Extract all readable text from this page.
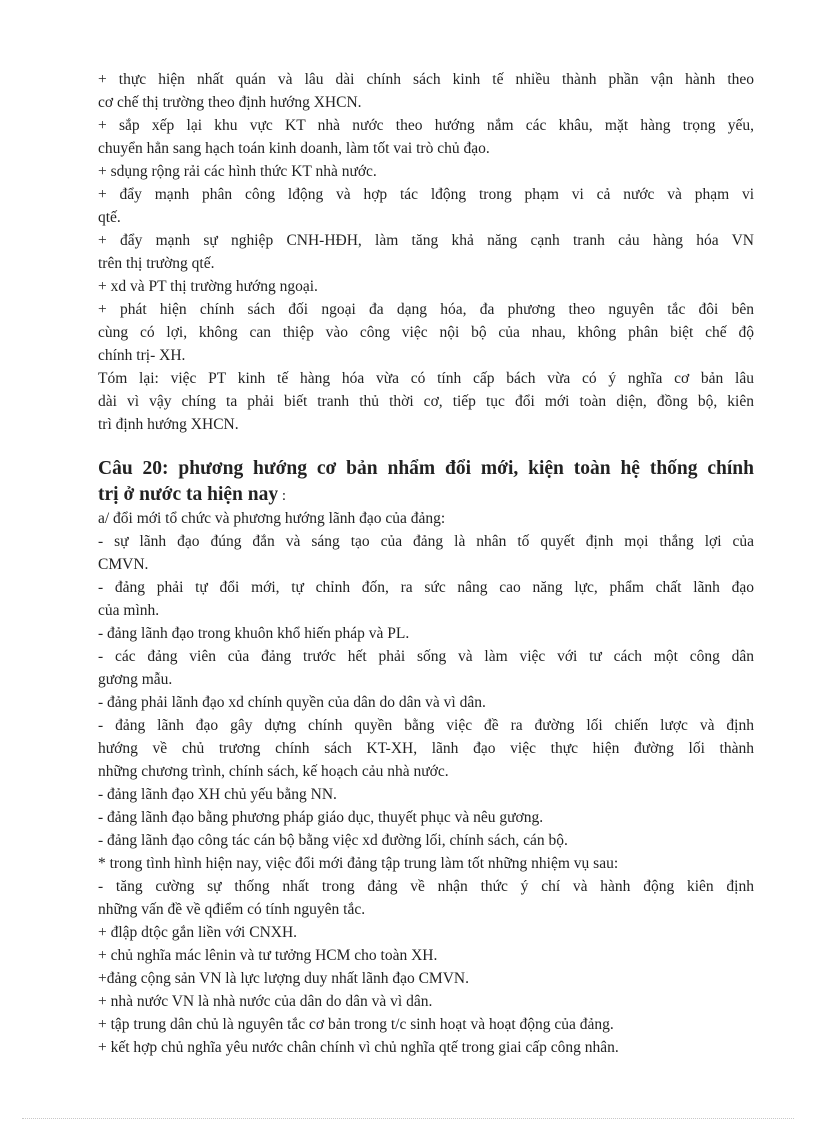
+ thực hiện nhất quán và lâu dài chính sách kinh tế nhiều thành phần vận hành theo
cơ chế thị trường theo định hướng XHCN.
+ sắp xếp lại khu vực KT nhà nước theo hướng nắm các khâu, mặt hàng trọng yếu,
chuyển hẳn sang hạch toán kinh doanh, làm tốt vai trò chủ đạo.
+ sdụng rộng rải các hình thức KT nhà nước.
+ đẩy mạnh phân công lđộng và hợp tác lđộng trong phạm vi cả nước và phạm vi
qtế.
+ đẩy mạnh sự nghiệp CNH-HĐH, làm tăng khả năng cạnh tranh cảu hàng hóa VN
trên thị trường qtế.
+ xd và PT thị trường hướng ngoại.
+ phát hiện chính sách đối ngoại đa dạng hóa, đa phương theo nguyên tắc đôi bên
cùng có lợi, không can thiệp vào công việc nội bộ của nhau, không phân biệt chế độ
chính trị- XH.
Tóm lại: việc PT kinh tế hàng hóa vừa có tính cấp bách vừa có ý nghĩa cơ bản lâu
dài vì vậy chíng ta phải biết tranh thủ thời cơ, tiếp tục đổi mới toàn diện, đồng bộ, kiên
trì định hướng XHCN.
Câu 20: phương hướng cơ bản nhẩm đổi mới, kiện toàn hệ thống chính
trị ở nước ta hiện nay :
a/ đổi mới tổ chức và phương hướng lãnh đạo của đảng:
- sự lãnh đạo đúng đắn và sáng tạo của đảng là nhân tố quyết định mọi thắng lợi của
CMVN.
- đảng phải tự đổi mới, tự chỉnh đốn, ra sức nâng cao năng lực, phẩm chất lãnh đạo
của mình.
- đảng lãnh đạo trong khuôn khổ hiến pháp và PL.
- các đảng viên của đảng trước hết phải sống và làm việc với tư cách một công dân
gương mẫu.
- đảng phải lãnh đạo xd chính quyền của dân do dân và vì dân.
- đảng lãnh đạo gây dựng chính quyền bằng việc đề ra đường lối chiến lược và định
hướng về chủ trương chính sách KT-XH, lãnh đạo việc thực hiện đường lối thành
những chương trình, chính sách, kế hoạch cảu nhà nước.
- đảng lãnh đạo XH chủ yếu bằng NN.
- đảng lãnh đạo bằng phương pháp giáo dục, thuyết phục và nêu gương.
- đảng lãnh đạo công tác cán bộ bằng việc xd đường lối, chính sách, cán bộ.
* trong tình hình hiện nay, việc đổi mới đảng tập trung làm tốt những nhiệm vụ sau:
- tăng cường sự thống nhất trong đảng về nhận thức ý chí và hành động kiên định
những vấn đề về qđiểm có tính nguyên tắc.
+ đlập dtộc gắn liền với CNXH.
+ chủ nghĩa mác lênin và tư tưởng HCM cho toàn XH.
+đảng cộng sản VN là lực lượng duy nhất lãnh đạo CMVN.
+ nhà nước VN là nhà nước của dân do dân và vì dân.
+ tập trung dân chủ là nguyên tắc cơ bản trong t/c sinh hoạt và hoạt động của đảng.
+ kết hợp chủ nghĩa yêu nước chân chính vì chủ nghĩa qtế trong giai cấp công nhân.
